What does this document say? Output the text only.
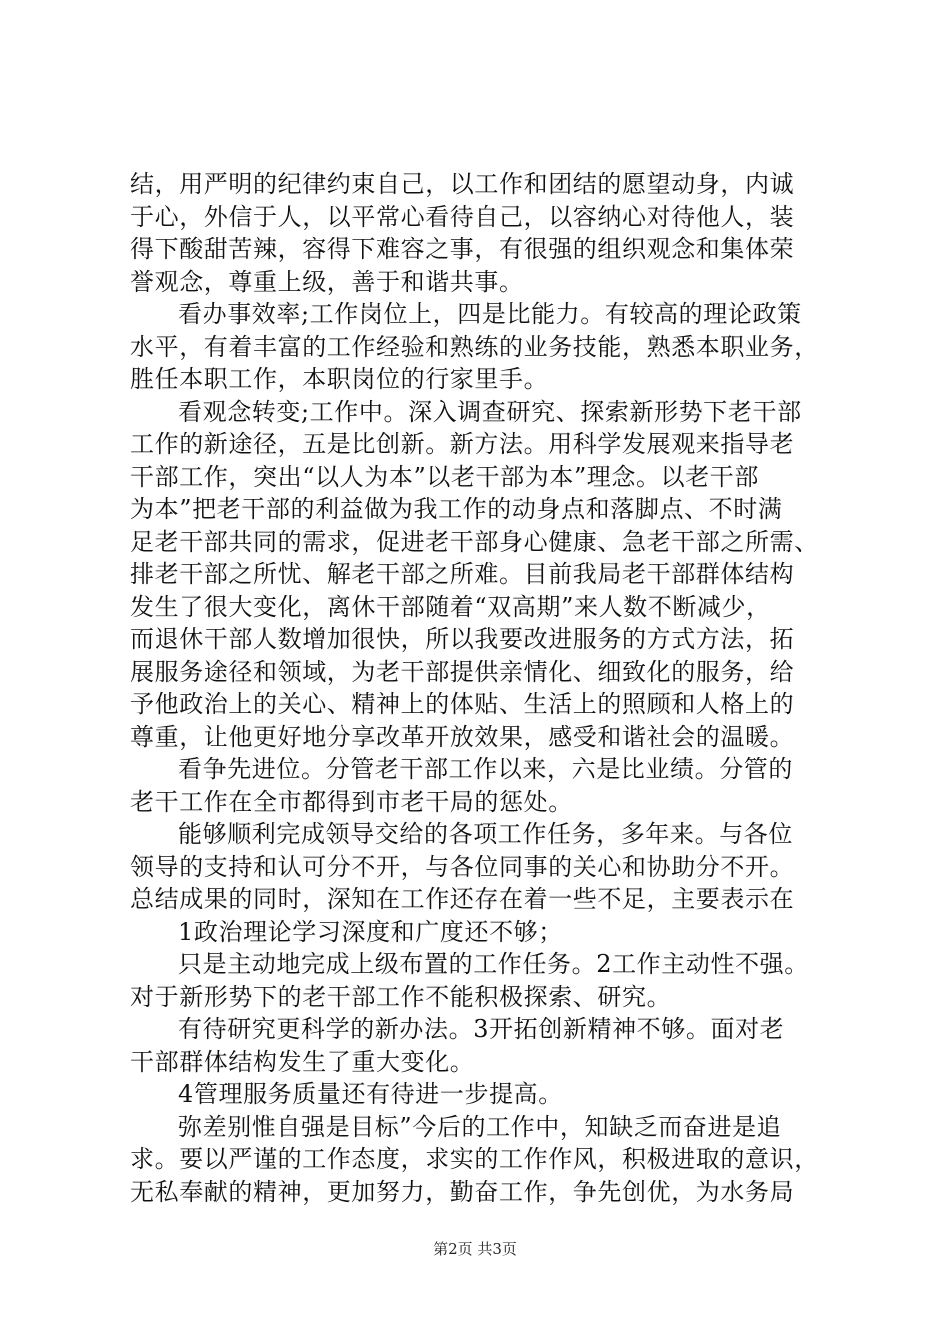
结，用严明的纪律约束自己，以工作和团结的愿望动身，内诚
于心，外信于人，以平常心看待自己，以容纳心对待他人，装
得下酸甜苦辣，容得下难容之事，有很强的组织观念和集体荣
誉观念，尊重上级，善于和谐共事。
看办事效率;工作岗位上，四是比能力。有较高的理论政策
水平，有着丰富的工作经验和熟练的业务技能，熟悉本职业务，
胜任本职工作，本职岗位的行家里手。
看观念转变;工作中。深入调查研究、探索新形势下老干部
工作的新途径，五是比创新。新方法。用科学发展观来指导老
干部工作，突出“以人为本”以老干部为本”理念。以老干部
为本”把老干部的利益做为我工作的动身点和落脚点、不时满
足老干部共同的需求，促进老干部身心健康、急老干部之所需、
排老干部之所忧、解老干部之所难。目前我局老干部群体结构
发生了很大变化，离休干部随着“双高期”来人数不断减少，
而退休干部人数增加很快，所以我要改进服务的方式方法，拓
展服务途径和领域，为老干部提供亲情化、细致化的服务，给
予他政治上的关心、精神上的体贴、生活上的照顾和人格上的
尊重，让他更好地分享改革开放效果，感受和谐社会的温暖。
看争先进位。分管老干部工作以来，六是比业绩。分管的
老干工作在全市都得到市老干局的惩处。
能够顺利完成领导交给的各项工作任务，多年来。与各位
领导的支持和认可分不开，与各位同事的关心和协助分不开。
总结成果的同时，深知在工作还存在着一些不足，主要表示在
1政治理论学习深度和广度还不够；
只是主动地完成上级布置的工作任务。2工作主动性不强。
对于新形势下的老干部工作不能积极探索、研究。
有待研究更科学的新办法。3开拓创新精神不够。面对老
干部群体结构发生了重大变化。
4管理服务质量还有待进一步提高。
弥差别惟自强是目标”今后的工作中，知缺乏而奋进是追
求。要以严谨的工作态度，求实的工作作风，积极进取的意识，
无私奉献的精神，更加努力，勤奋工作，争先创优，为水务局
第2页 共3页
